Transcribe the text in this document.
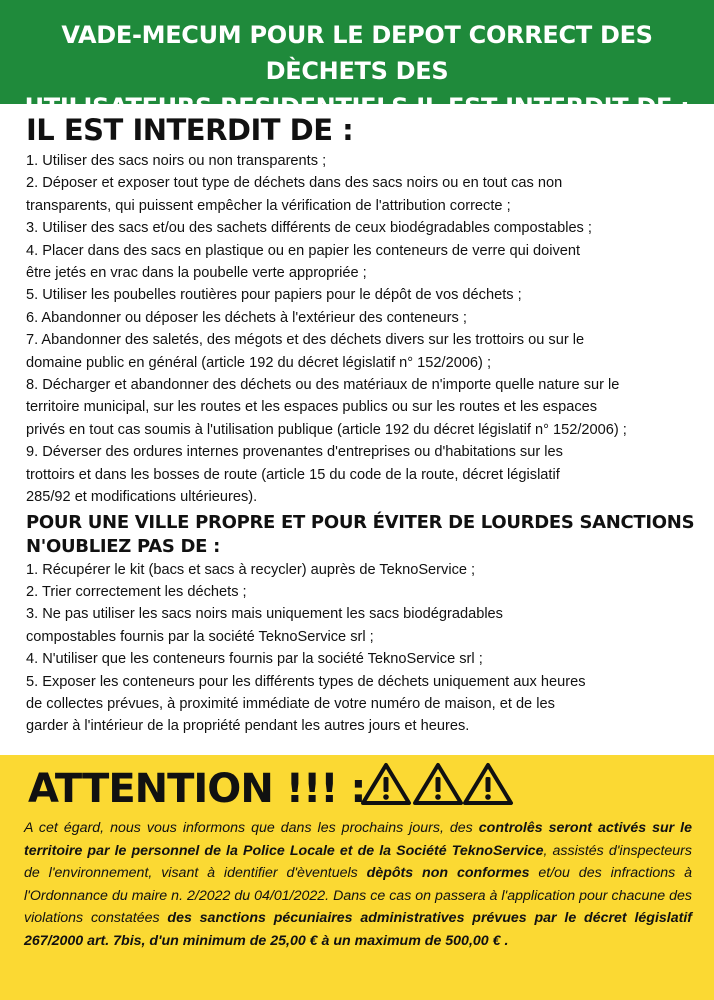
VADE-MECUM POUR LE DEPOT CORRECT DES DÈCHETS DES
UTILISATEURS RESIDENTIELS IL EST INTERDIT DE :
IL EST INTERDIT DE :

1. Utiliser des sacs noirs ou non transparents ;

2. Déposer et exposer tout type de déchets dans des sacs noirs ou en tout cas non

transparents, qui puissent empêcher la vérification de l'attribution correcte ;

3. Utiliser des sacs et/ou des sachets différents de ceux biodégradables compostables ;

4. Placer dans des sacs en plastique ou en papier les conteneurs de verre qui doivent

être jetés en vrac dans la poubelle verte appropriée ;

5. Utiliser les poubelles routières pour papiers pour le dépôt de vos déchets ;

6. Abandonner ou déposer les déchets à l'extérieur des conteneurs ;

7. Abandonner des saletés, des mégots et des déchets divers sur les trottoirs ou sur le

domaine public en général (article 192 du décret législatif n° 152/2006) ;

8. Décharger et abandonner des déchets ou des matériaux de n'importe quelle nature sur le

territoire municipal, sur les routes et les espaces publics ou sur les routes et les espaces

privés en tout cas soumis à l'utilisation publique (article 192 du décret législatif n° 152/2006) ;

9. Déverser des ordures internes provenantes d'entreprises ou d'habitations sur les

trottoirs et dans les bosses de route (article 15 du code de la route, décret législatif

285/92 et modifications ultérieures).

POUR UNE VILLE PROPRE ET POUR ÉVITER DE LOURDES SANCTIONS
N'OUBLIEZ PAS DE :

1. Récupérer le kit (bacs et sacs à recycler) auprès de TeknoService ;

2. Trier correctement les déchets ;

3. Ne pas utiliser les sacs noirs mais uniquement les sacs biodégradables

compostables fournis par la société TeknoService srl ;

4. N'utiliser que les conteneurs fournis par la société TeknoService srl ;

5. Exposer les conteneurs pour les différents types de déchets uniquement aux heures

de collectes prévues, à proximité immédiate de votre numéro de maison, et de les

garder à l'intérieur de la propriété pendant les autres jours et heures.

ATTENTION !!! :
A cet égard, nous vous informons que dans les prochains jours, des controlês seront activés sur le territoire par le personnel de la Police Locale et de la Société TeknoService, assistés d'inspecteurs de l'environnement, visant à identifier d'èventuels dèpôts non conformes et/ou des infractions à l'Ordonnance du maire n. 2/2022 du 04/01/2022. Dans ce cas on passera à l'application pour chacune des violations constatées des sanctions pécuniaires administratives prévues par le décret législatif 267/2000 art. 7bis, d'un minimum de 25,00 € à un maximum de 500,00 € .
